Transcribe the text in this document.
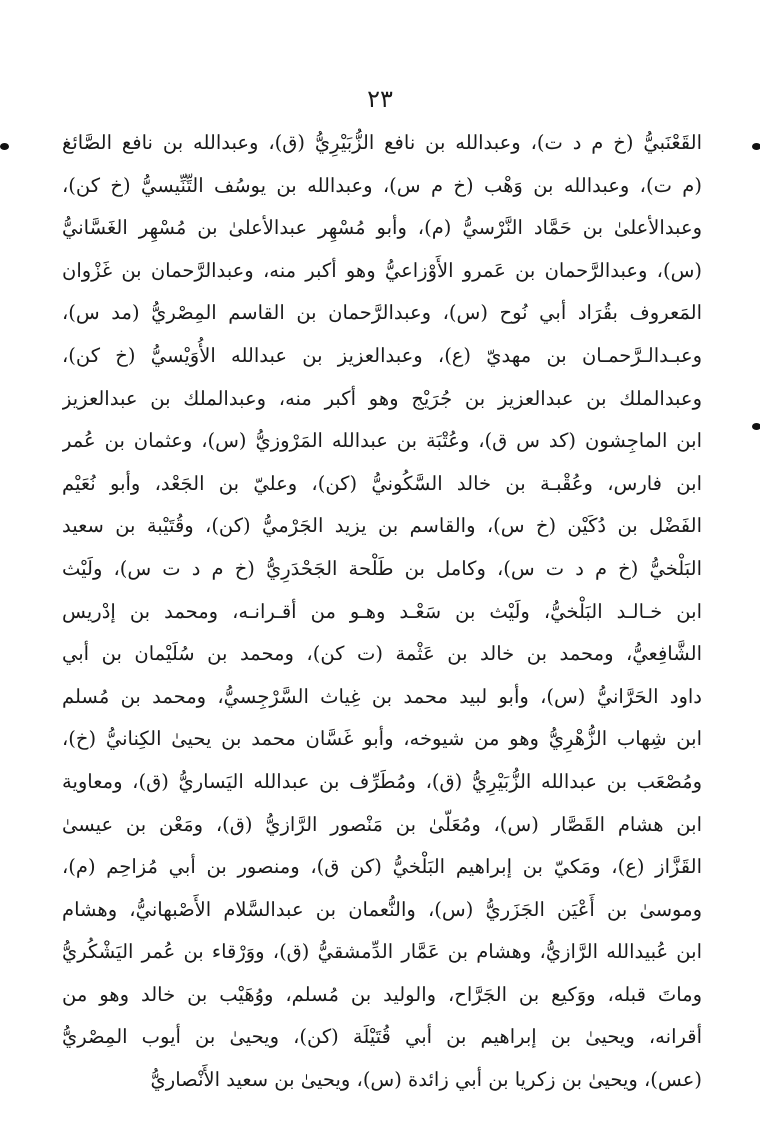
٢٣
القَعْنَبيُّ (خ م د ت)، وعبدالله بن نافع الزُّبَيْرِيُّ (ق)، وعبدالله بن نافع الصَّائغ
(م ت)، وعبدالله بن وَهْب (خ م س)، وعبدالله بن يوسُف التِّنِّيسيُّ (خ كن)،
وعبدالأعلىٰ بن حَمَّاد النَّرْسيُّ (م)، وأبو مُسْهِر عبدالأعلىٰ بن مُسْهِر الغَسَّانيُّ
(س)، وعبدالرَّحمان بن عَمرو الأَوْزاعيُّ وهو أكبر منه، وعبدالرَّحمان بن غَزْوان
المَعروف بقُرَاد أبي نُوح (س)، وعبدالرَّحمان بن القاسم المِصْريُّ (مد س)،
وعبـدالـرَّحمـان بن مهديّ (ع)، وعبدالعزيز بن عبدالله الأُوَيْسيُّ (خ كن)،
وعبدالملك بن عبدالعزيز بن جُرَيْج وهو أكبر منه، وعبدالملك بن عبدالعزيز
ابن الماجِشون (كد س ق)، وعُتْبَة بن عبدالله المَرْوزيُّ (س)، وعثمان بن عُمر
ابن فارس، وعُقْبـة بن خالد السَّكُونيُّ (كن)، وعليّ بن الجَعْد، وأبو نُعَيْم
الفَضْل بن دُكَيْن (خ س)، والقاسم بن يزيد الجَرْميُّ (كن)، وقُتَيْبة بن سعيد
البَلْخيُّ (خ م د ت س)، وكامل بن طَلْحة الجَحْدَرِيُّ (خ م د ت س)، ولَيْث
ابن خـالـد البَلْخيُّ، ولَيْث بن سَعْـد وهـو من أقـرانـه، ومحمد بن إدْريس
الشَّافِعيُّ، ومحمد بن خالد بن عَثْمة (ت كن)، ومحمد بن سُلَيْمان بن أبي
داود الحَرَّانيُّ (س)، وأبو لبيد محمد بن غِياث السَّرْجِسيُّ، ومحمد بن مُسلم
ابن شِهاب الزُّهْرِيُّ وهو من شيوخه، وأبو غَسَّان محمد بن يحيىٰ الكِنانيُّ (خ)،
ومُصْعَب بن عبدالله الزُّبَيْرِيُّ (ق)، ومُطَرِّف بن عبدالله اليَساريُّ (ق)، ومعاوية
ابن هشام القَصَّار (س)، ومُعَلّىٰ بن مَنْصور الرَّازيُّ (ق)، ومَعْن بن عيسىٰ
القَزَّاز (ع)، ومَكيّ بن إبراهيم البَلْخيُّ (كن ق)، ومنصور بن أبي مُزاحِم (م)،
وموسىٰ بن أَعْيَن الجَزَريُّ (س)، والنُّعمان بن عبدالسَّلام الأَصْبهانيُّ، وهشام
ابن عُبيدالله الرَّازيُّ، وهشام بن عَمَّار الدِّمشقيُّ (ق)، ووَرْقاء بن عُمر اليَشْكُريُّ
وماتَ قبله، ووَكيع بن الجَرَّاح، والوليد بن مُسلم، ووُهَيْب بن خالد وهو من
أقرانه، ويحيىٰ بن إبراهيم بن أبي قُتَيْلَة (كن)، ويحيىٰ بن أيوب المِصْريُّ
(عس)، ويحيىٰ بن زكريا بن أبي زائدة (س)، ويحيىٰ بن سعيد الأَنْصاريُّ
